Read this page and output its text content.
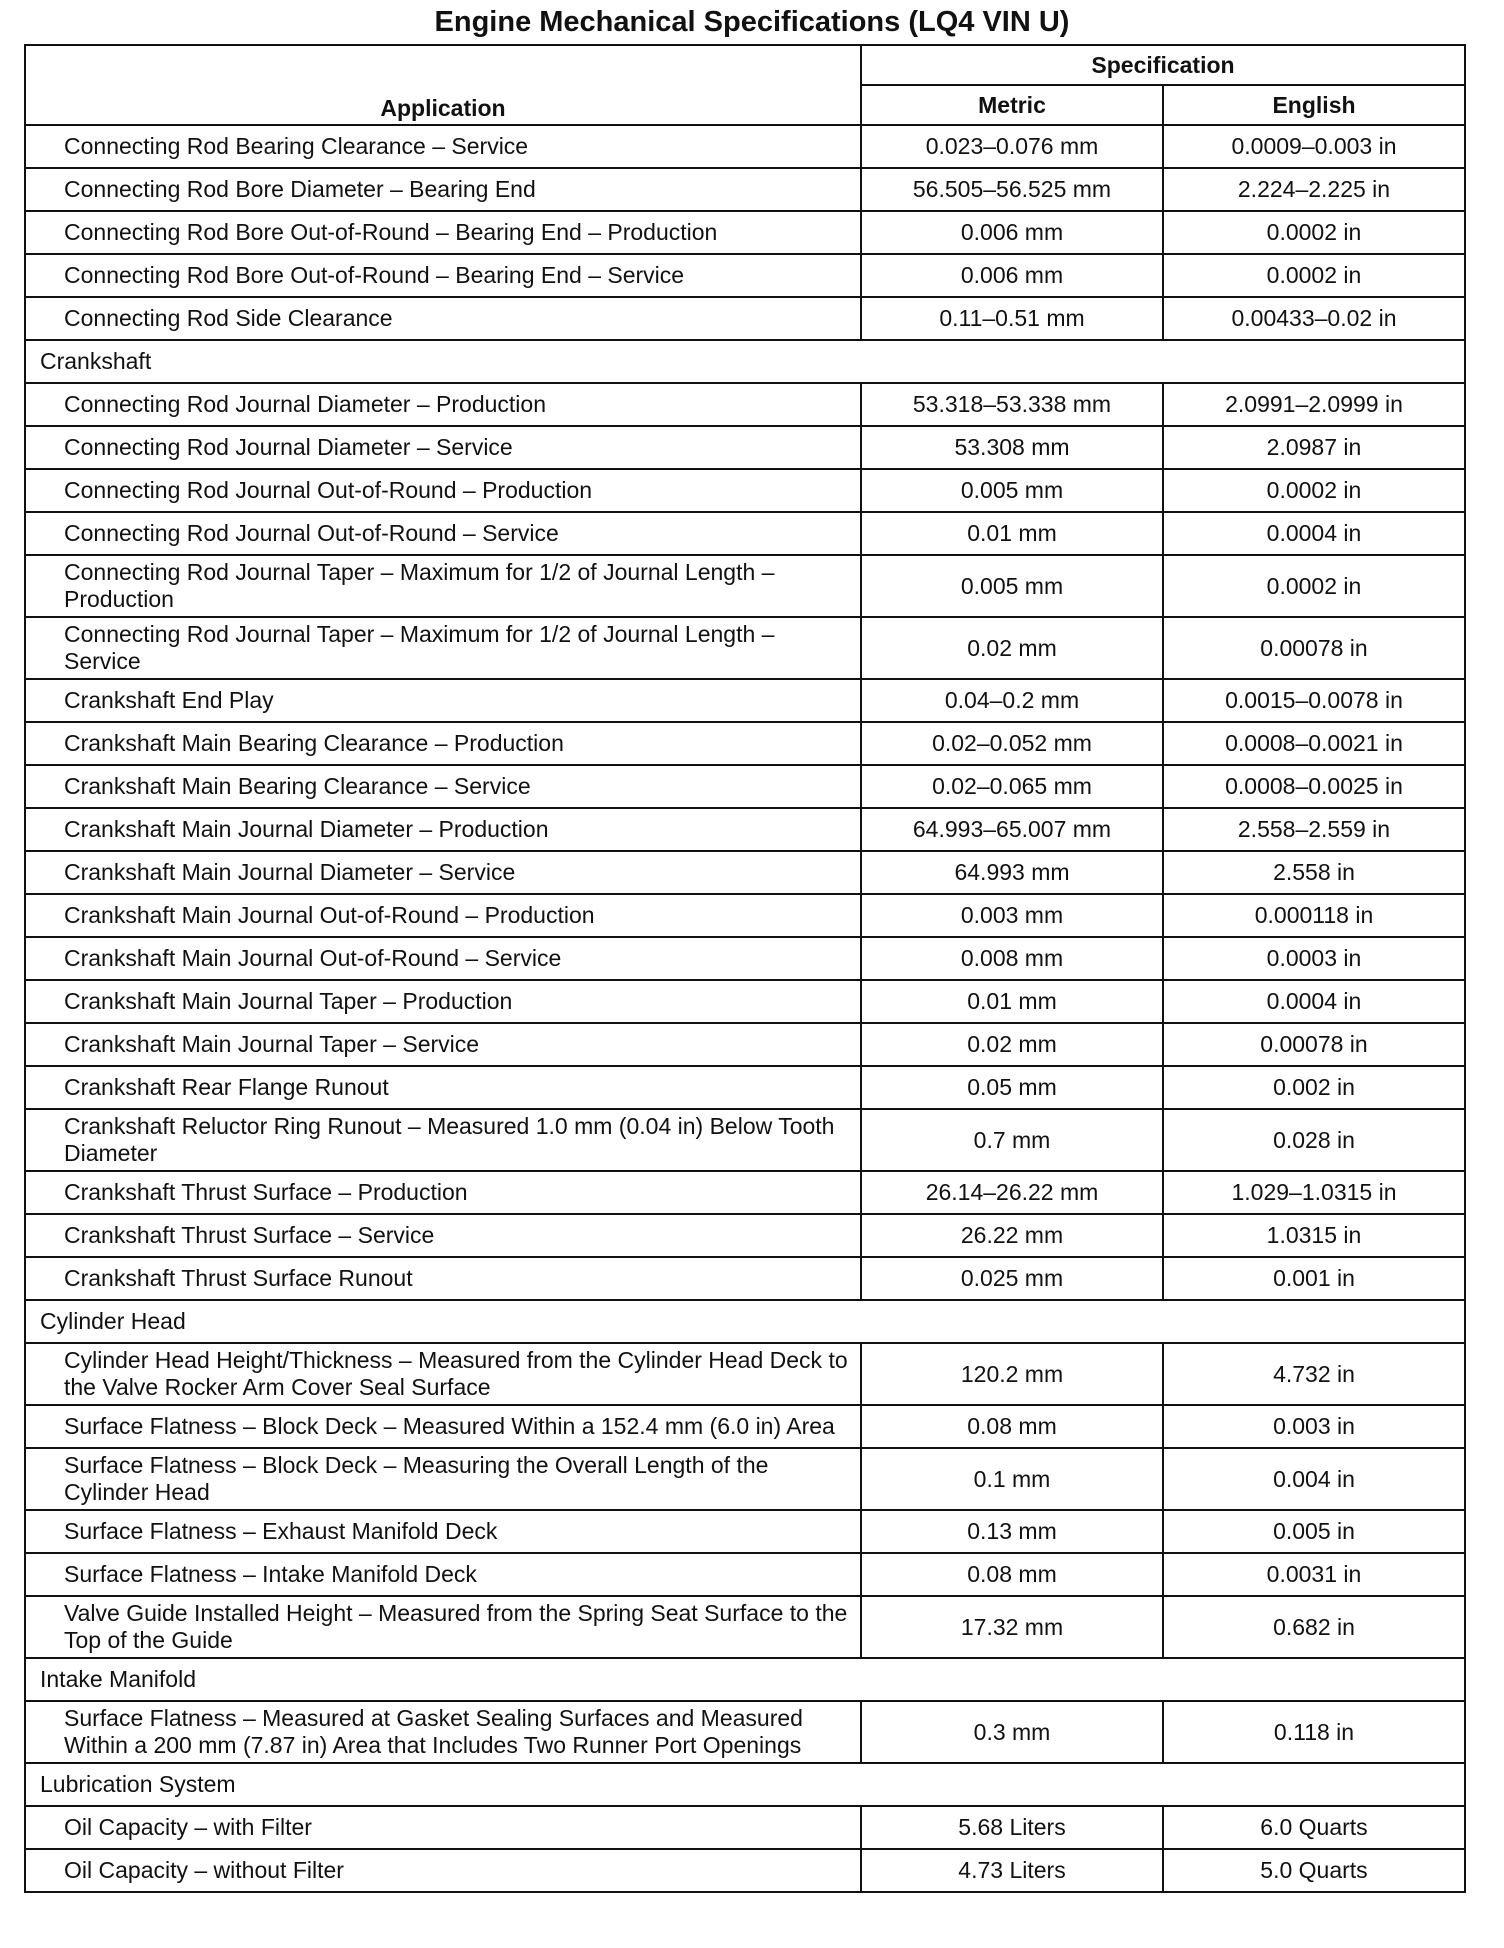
Engine Mechanical Specifications (LQ4 VIN U)
Application	Specification	
	Metric	English
Connecting Rod Bearing Clearance – Service	0.023–0.076 mm	0.0009–0.003 in
Connecting Rod Bore Diameter – Bearing End	56.505–56.525 mm	2.224–2.225 in
Connecting Rod Bore Out-of-Round – Bearing End – Production	0.006 mm	0.0002 in
Connecting Rod Bore Out-of-Round – Bearing End – Service	0.006 mm	0.0002 in
Connecting Rod Side Clearance	0.11–0.51 mm	0.00433–0.02 in
Crankshaft		
Connecting Rod Journal Diameter – Production	53.318–53.338 mm	2.0991–2.0999 in
Connecting Rod Journal Diameter – Service	53.308 mm	2.0987 in
Connecting Rod Journal Out-of-Round – Production	0.005 mm	0.0002 in
Connecting Rod Journal Out-of-Round – Service	0.01 mm	0.0004 in
Connecting Rod Journal Taper – Maximum for 1/2 of Journal Length – Production	0.005 mm	0.0002 in
Connecting Rod Journal Taper – Maximum for 1/2 of Journal Length – Service	0.02 mm	0.00078 in
Crankshaft End Play	0.04–0.2 mm	0.0015–0.0078 in
Crankshaft Main Bearing Clearance – Production	0.02–0.052 mm	0.0008–0.0021 in
Crankshaft Main Bearing Clearance – Service	0.02–0.065 mm	0.0008–0.0025 in
Crankshaft Main Journal Diameter – Production	64.993–65.007 mm	2.558–2.559 in
Crankshaft Main Journal Diameter – Service	64.993 mm	2.558 in
Crankshaft Main Journal Out-of-Round – Production	0.003 mm	0.000118 in
Crankshaft Main Journal Out-of-Round – Service	0.008 mm	0.0003 in
Crankshaft Main Journal Taper – Production	0.01 mm	0.0004 in
Crankshaft Main Journal Taper – Service	0.02 mm	0.00078 in
Crankshaft Rear Flange Runout	0.05 mm	0.002 in
Crankshaft Reluctor Ring Runout – Measured 1.0 mm (0.04 in) Below Tooth Diameter	0.7 mm	0.028 in
Crankshaft Thrust Surface – Production	26.14–26.22 mm	1.029–1.0315 in
Crankshaft Thrust Surface – Service	26.22 mm	1.0315 in
Crankshaft Thrust Surface Runout	0.025 mm	0.001 in
Cylinder Head		
Cylinder Head Height/Thickness – Measured from the Cylinder Head Deck to the Valve Rocker Arm Cover Seal Surface	120.2 mm	4.732 in
Surface Flatness – Block Deck – Measured Within a 152.4 mm (6.0 in) Area	0.08 mm	0.003 in
Surface Flatness – Block Deck – Measuring the Overall Length of the Cylinder Head	0.1 mm	0.004 in
Surface Flatness – Exhaust Manifold Deck	0.13 mm	0.005 in
Surface Flatness – Intake Manifold Deck	0.08 mm	0.0031 in
Valve Guide Installed Height – Measured from the Spring Seat Surface to the Top of the Guide	17.32 mm	0.682 in
Intake Manifold		
Surface Flatness – Measured at Gasket Sealing Surfaces and Measured Within a 200 mm (7.87 in) Area that Includes Two Runner Port Openings	0.3 mm	0.118 in
Lubrication System		
Oil Capacity – with Filter	5.68 Liters	6.0 Quarts
Oil Capacity – without Filter	4.73 Liters	5.0 Quarts
